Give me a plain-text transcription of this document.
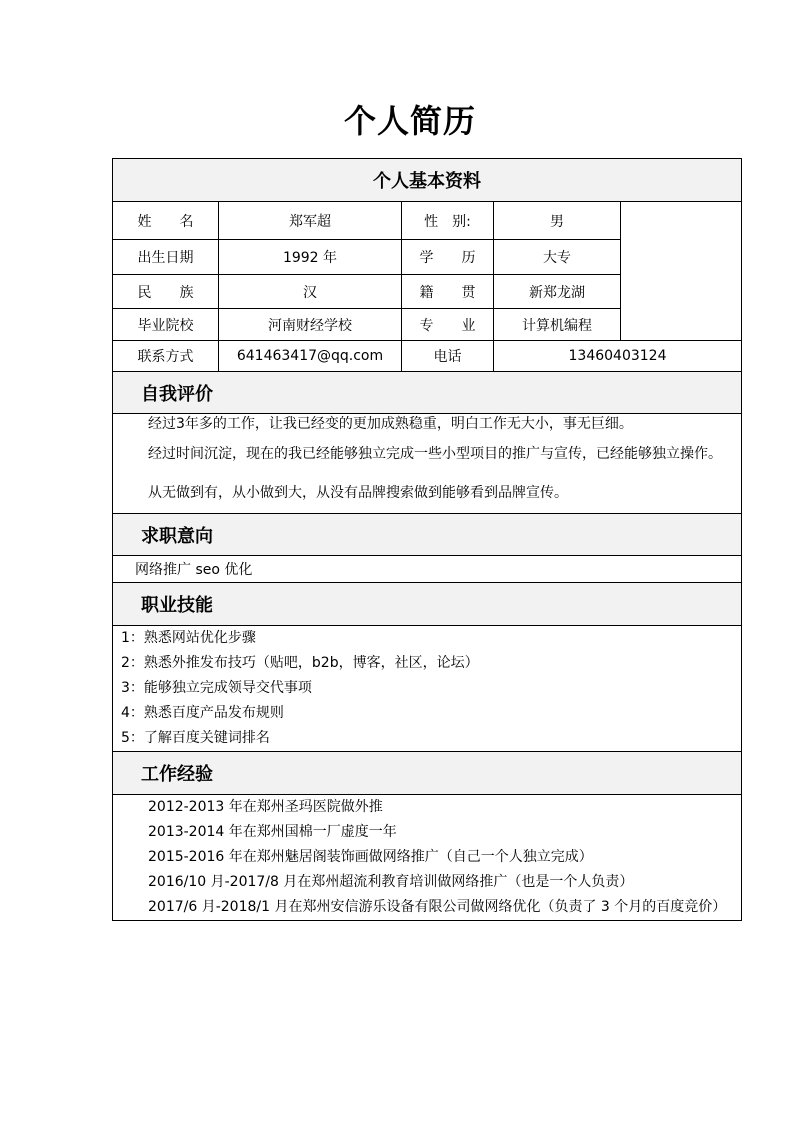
个人简历
个人基本资料				
姓　　名	郑军超	性　别:	男	
出生日期	1992 年	学　　历	大专	
民　　族	汉	籍　　贯	新郑龙湖	
毕业院校	河南财经学校	专　　业	计算机编程	
联系方式	641463417@qq.com	电话	13460403124	
自我评价				

经过3年多的工作，让我已经变的更加成熟稳重，明白工作无大小，事无巨细。
经过时间沉淀，现在的我已经能够独立完成一些小型项目的推广与宣传，已经能够独立操作。
从无做到有，从小做到大，从没有品牌搜索做到能够看到品牌宣传。				

求职意向				
网络推广 seo 优化				
职业技能				

1：熟悉网站优化步骤
2：熟悉外推发布技巧（贴吧，b2b，博客，社区，论坛）
3：能够独立完成领导交代事项
4：熟悉百度产品发布规则
5：了解百度关键词排名				

工作经验				

2012-2013 年在郑州圣玛医院做外推
2013-2014 年在郑州国棉一厂虚度一年
2015-2016 年在郑州魅居阁装饰画做网络推广（自己一个人独立完成）
2016/10 月-2017/8 月在郑州超流利教育培训做网络推广（也是一个人负责）
2017/6 月-2018/1 月在郑州安信游乐设备有限公司做网络优化（负责了 3 个月的百度竞价）				
